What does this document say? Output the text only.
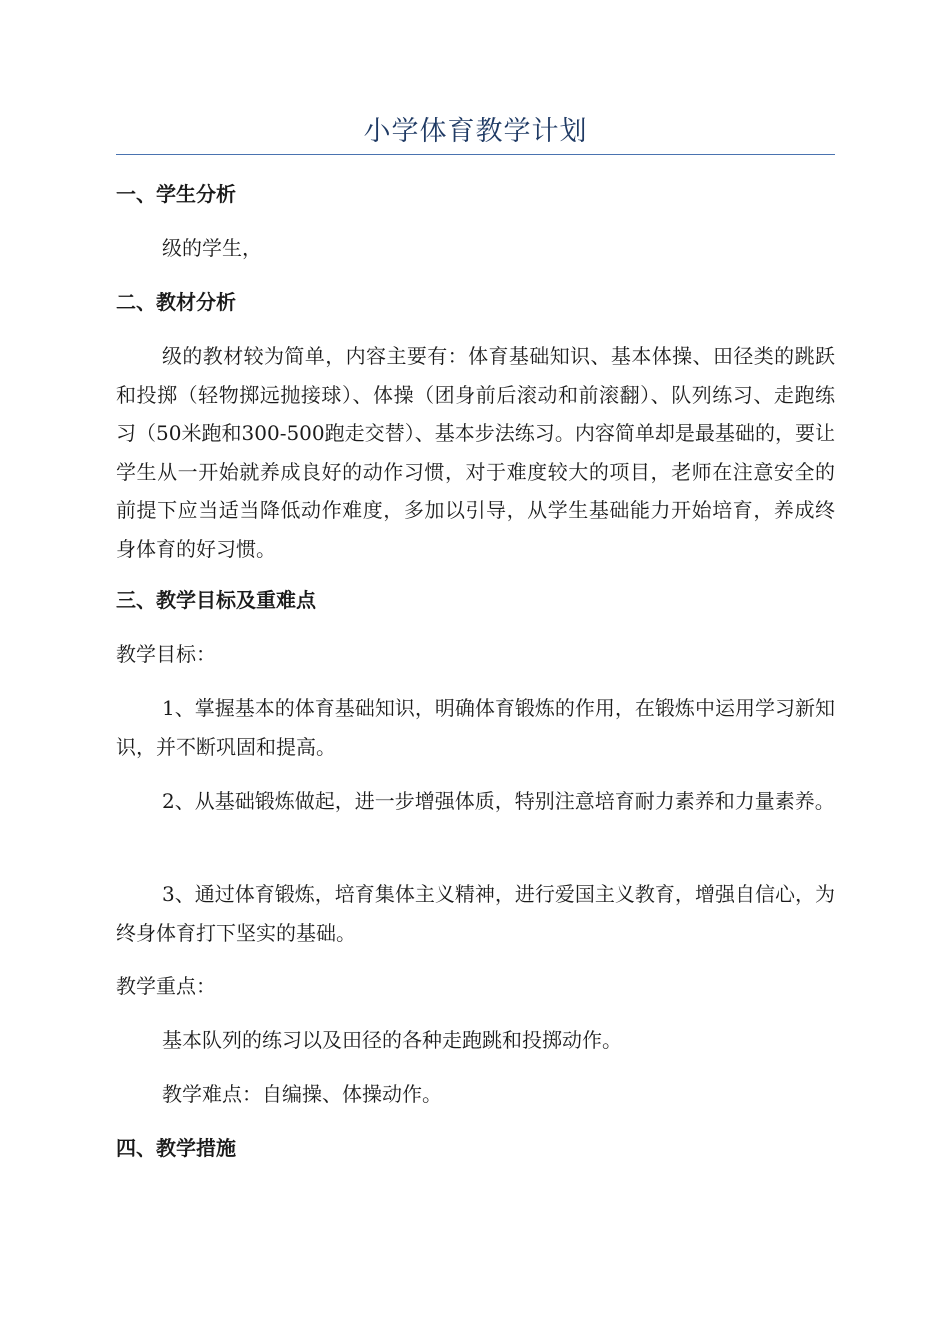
小学体育教学计划
一、学生分析
级的学生，
二、教材分析
级的教材较为简单，内容主要有：体育基础知识、基本体操、田径类的跳跃和投掷（轻物掷远抛接球）、体操（团身前后滚动和前滚翻）、队列练习、走跑练习（50米跑和300-500跑走交替）、基本步法练习。内容简单却是最基础的，要让学生从一开始就养成良好的动作习惯，对于难度较大的项目，老师在注意安全的前提下应当适当降低动作难度，多加以引导，从学生基础能力开始培育，养成终身体育的好习惯。
三、教学目标及重难点
教学目标：
1、掌握基本的体育基础知识，明确体育锻炼的作用，在锻炼中运用学习新知识，并不断巩固和提高。
2、从基础锻炼做起，进一步增强体质，特别注意培育耐力素养和力量素养。
3、通过体育锻炼，培育集体主义精神，进行爱国主义教育，增强自信心，为终身体育打下坚实的基础。
教学重点：
基本队列的练习以及田径的各种走跑跳和投掷动作。
教学难点：自编操、体操动作。
四、教学措施
